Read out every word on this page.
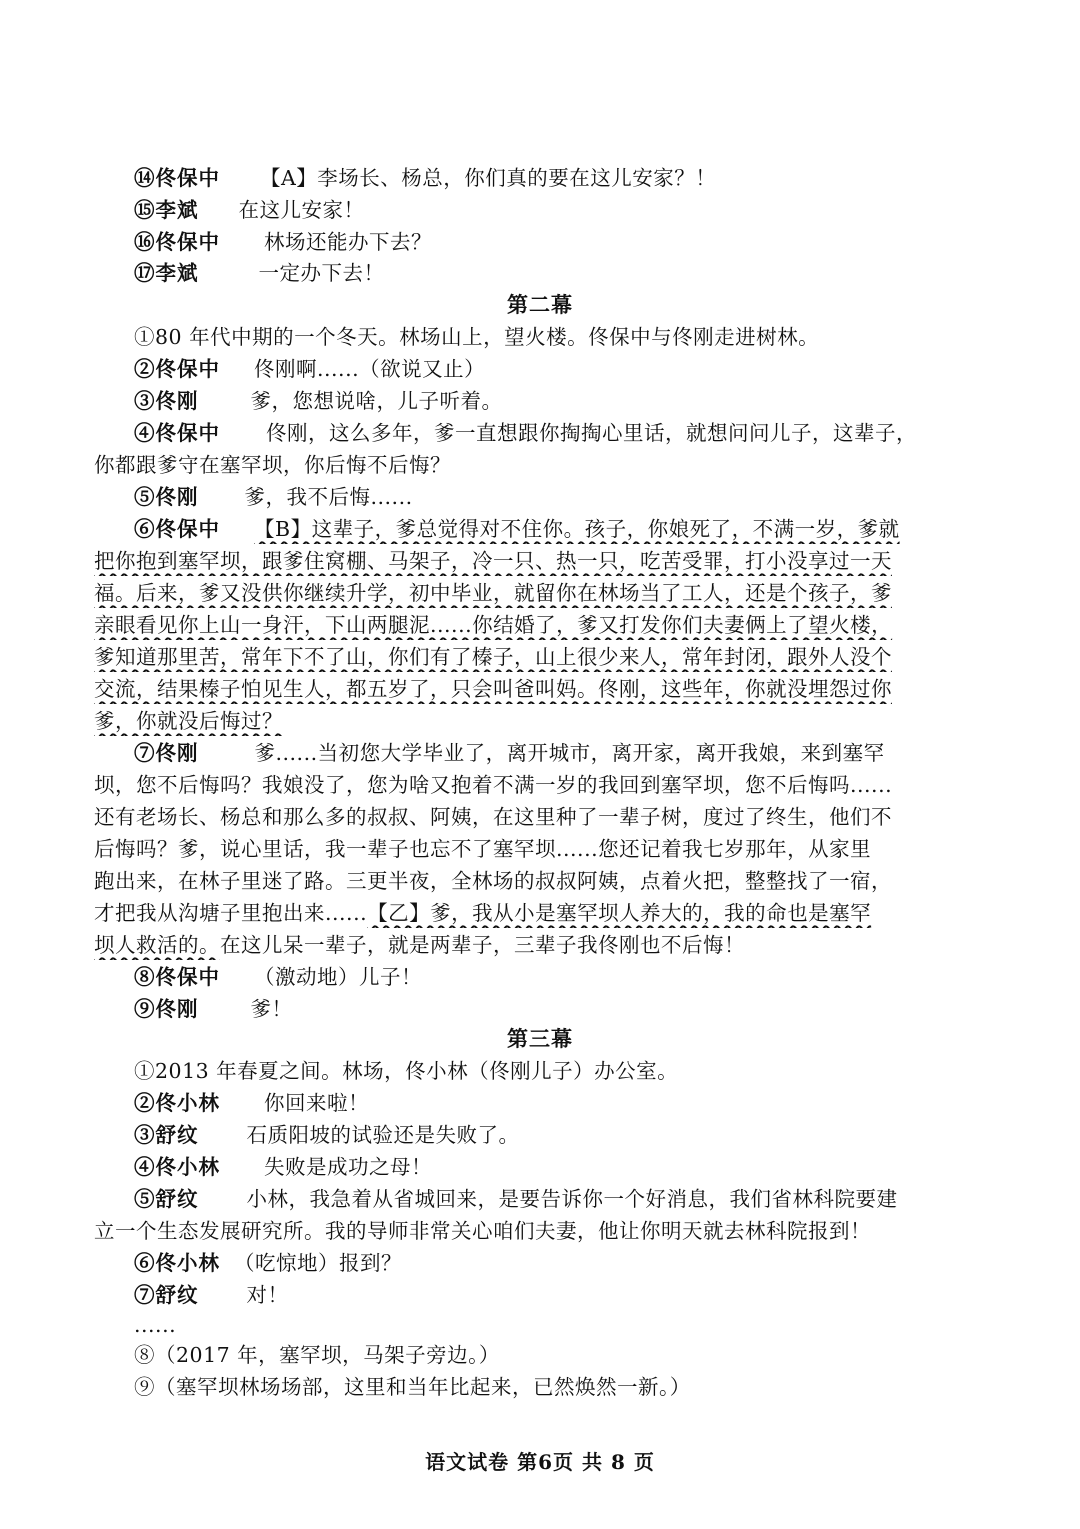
⑭佟保中 【A】李场长、杨总，你们真的要在这儿安家？！
⑮李斌 在这儿安家！
⑯佟保中 林场还能办下去？
⑰李斌	一定办下去！
第二幕
①80 年代中期的一个冬天。林场山上，望火楼。佟保中与佟刚走进树林。
②佟保中 佟刚啊......（欲说又止）
③佟刚	爹，您想说啥，儿子听着。
④佟保中 佟刚，这么多年，爹一直想跟你掏掏心里话，就想问问儿子，这辈子，
你都跟爹守在塞罕坝，你后悔不后悔？
⑤佟刚 爹，我不后悔......
⑥佟保中 【B】这辈子，爹总觉得对不住你。孩子，你娘死了，不满一岁，爹就
把你抱到塞罕坝，跟爹住窝棚、马架子，冷一只、热一只，吃苦受罪，打小没享过一天
福。后来，爹又没供你继续升学，初中毕业，就留你在林场当了工人，还是个孩子，爹
亲眼看见你上山一身汗，下山两腿泥......你结婚了，爹又打发你们夫妻俩上了望火楼，
爹知道那里苦，常年下不了山，你们有了榛子，山上很少来人，常年封闭，跟外人没个
交流，结果榛子怕见生人，都五岁了，只会叫爸叫妈。佟刚，这些年，你就没埋怨过你
爹，你就没后悔过？
⑦佟刚	爹......当初您大学毕业了，离开城市，离开家，离开我娘，来到塞罕
坝，您不后悔吗？我娘没了，您为啥又抱着不满一岁的我回到塞罕坝，您不后悔吗......
还有老场长、杨总和那么多的叔叔、阿姨，在这里种了一辈子树，度过了终生，他们不
后悔吗？爹，说心里话，我一辈子也忘不了塞罕坝......您还记着我七岁那年，从家里
跑出来，在林子里迷了路。三更半夜，全林场的叔叔阿姨，点着火把，整整找了一宿，
才把我从沟塘子里抱出来......【乙】爹，我从小是塞罕坝人养大的，我的命也是塞罕
坝人救活的。在这儿呆一辈子，就是两辈子，三辈子我佟刚也不后悔！
⑧佟保中 （激动地）儿子！
⑨佟刚	爹！
第三幕
①2013 年春夏之间。林场，佟小林（佟刚儿子）办公室。
②佟小林 你回来啦！
③舒纹 石质阳坡的试验还是失败了。
④佟小林 失败是成功之母！
⑤舒纹 小林，我急着从省城回来，是要告诉你一个好消息，我们省林科院要建
立一个生态发展研究所。我的导师非常关心咱们夫妻，他让你明天就去林科院报到！
⑥佟小林 （吃惊地）报到？
⑦舒纹 对！
......
⑧（2017 年，塞罕坝，马架子旁边。）
⑨（塞罕坝林场场部，这里和当年比起来，已然焕然一新。）
语文试卷 第6页 共 8 页
